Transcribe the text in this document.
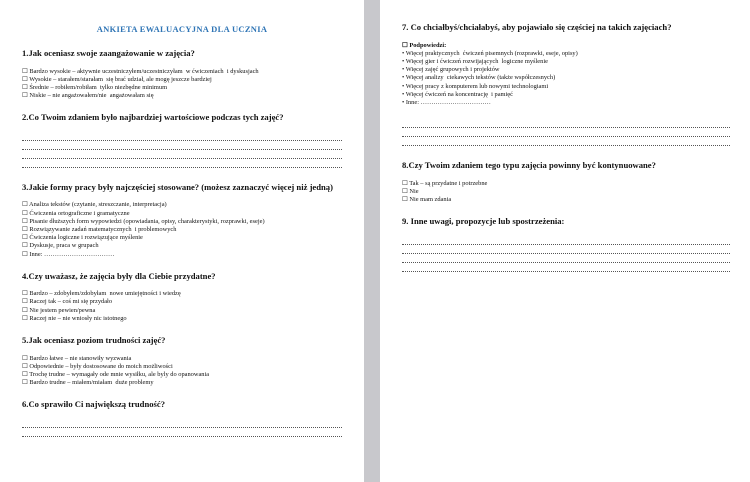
ANKIETA EWALUACYJNA DLA UCZNIA
1.Jak oceniasz swoje zaangażowanie w zajęcia?
☐ Bardzo wysokie – aktywnie uczestniczyłem/uczestniczyłam  w ćwiczeniach  i dyskusjach
☐ Wysokie – starałem/starałam  się brać udział, ale mogę jeszcze bardziej
☐ Średnie – robiłem/robiłam  tylko niezbędne minimum
☐ Niskie – nie angażowałem/nie  angażowałam się
2.Co Twoim zdaniem było najbardziej wartościowe podczas tych zajęć?
3.Jakie formy pracy były najczęściej stosowane? (możesz zaznaczyć więcej niż jedną)
☐ Analiza tekstów (czytanie, streszczanie, interpretacja)
☐ Ćwiczenia ortograficzne i gramatyczne
☐ Pisanie dłuższych form wypowiedzi (opowiadania, opisy, charakterystyki, rozprawki, eseje)
☐ Rozwiązywanie zadań matematycznych  i problemowych
☐ Ćwiczenia logiczne i rozwiązujące myślenie
☐ Dyskusje, praca w grupach
☐ Inne: ……………………………
4.Czy uważasz, że zajęcia były dla Ciebie przydatne?
☐ Bardzo – zdobyłem/zdobyłam  nowe umiejętności i wiedzę
☐ Raczej tak – coś mi się przydało
☐ Nie jestem pewien/pewna
☐ Raczej nie – nie wniosły nic istotnego
5.Jak oceniasz poziom trudności zajęć?
☐ Bardzo łatwe – nie stanowiły wyzwania
☐ Odpowiednie – były dostosowane do moich możliwości
☐ Trochę trudne – wymagały ode mnie wysiłku, ale byly do opanowania
☐ Bardzo trudne – miałem/miałam  duże problemy
6.Co sprawiło Ci największą trudność?
7. Co chciałbyś/chciałabyś, aby pojawiało się częściej na takich zajęciach?
☐ Podpowiedzi:
• Więcej praktycznych  ćwiczeń pisemnych (rozprawki, eseje, opisy)
• Więcej gier i ćwiczeń rozwijających  logiczne myślenie
• Więcej zajęć grupowych i projektów
• Więcej analizy  ciekawych tekstów (także współczesnych)
• Więcej pracy z komputerem lub nowymi technologiami
• Więcej ćwiczeń na koncentrację  i pamięć
• Inne: ……………………………
8.Czy Twoim zdaniem tego typu zajęcia powinny być kontynuowane?
☐ Tak – są przydatne i potrzebne
☐ Nie
☐ Nie mam zdania
9. Inne uwagi, propozycje lub spostrzeżenia:
